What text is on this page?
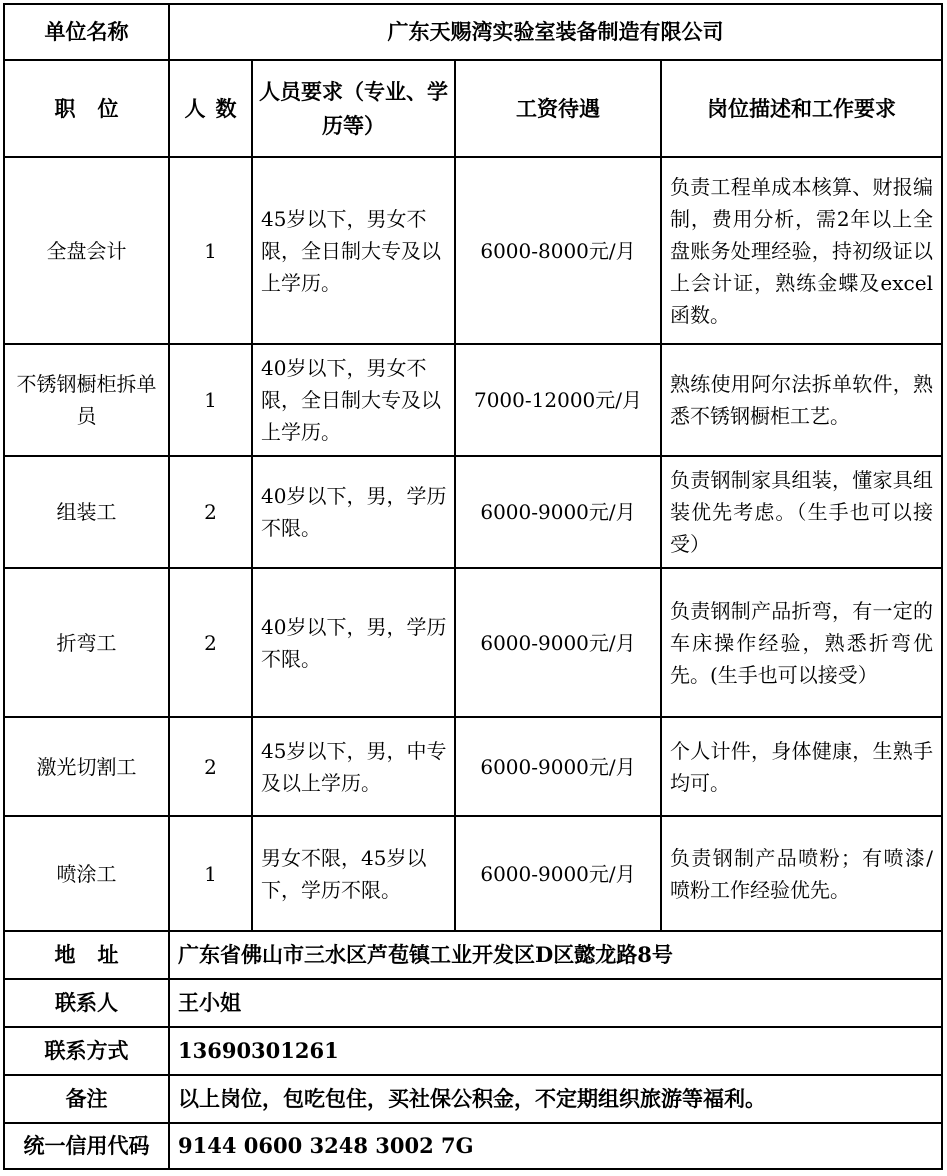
单位名称	广东天赐湾实验室装备制造有限公司			
职位	人数	人员要求（专业、学历等）	工资待遇	岗位描述和工作要求
全盘会计	1	45岁以下，男女不限，全日制大专及以上学历。	6000-8000元/月	负责工程单成本核算、财报编制，费用分析，需2年以上全盘账务处理经验，持初级证以上会计证，熟练金蝶及excel函数。
不锈钢橱柜拆单员	1	40岁以下，男女不限，全日制大专及以上学历。	7000-12000元/月	熟练使用阿尔法拆单软件，熟悉不锈钢橱柜工艺。
组装工	2	40岁以下，男，学历不限。	6000-9000元/月	负责钢制家具组装，懂家具组装优先考虑。（生手也可以接受）
折弯工	2	40岁以下，男，学历不限。	6000-9000元/月	负责钢制产品折弯，有一定的车床操作经验，熟悉折弯优先。(生手也可以接受）
激光切割工	2	45岁以下，男，中专及以上学历。	6000-9000元/月	个人计件，身体健康，生熟手均可。
喷涂工	1	男女不限，45岁以下，学历不限。	6000-9000元/月	负责钢制产品喷粉；有喷漆/喷粉工作经验优先。
地址	广东省佛山市三水区芦苞镇工业开发区D区懿龙路8号			
联系人	王小姐			
联系方式	13690301261			
备注	以上岗位，包吃包住，买社保公积金，不定期组织旅游等福利。			
统一信用代码	9144 0600 3248 3002 7G			
